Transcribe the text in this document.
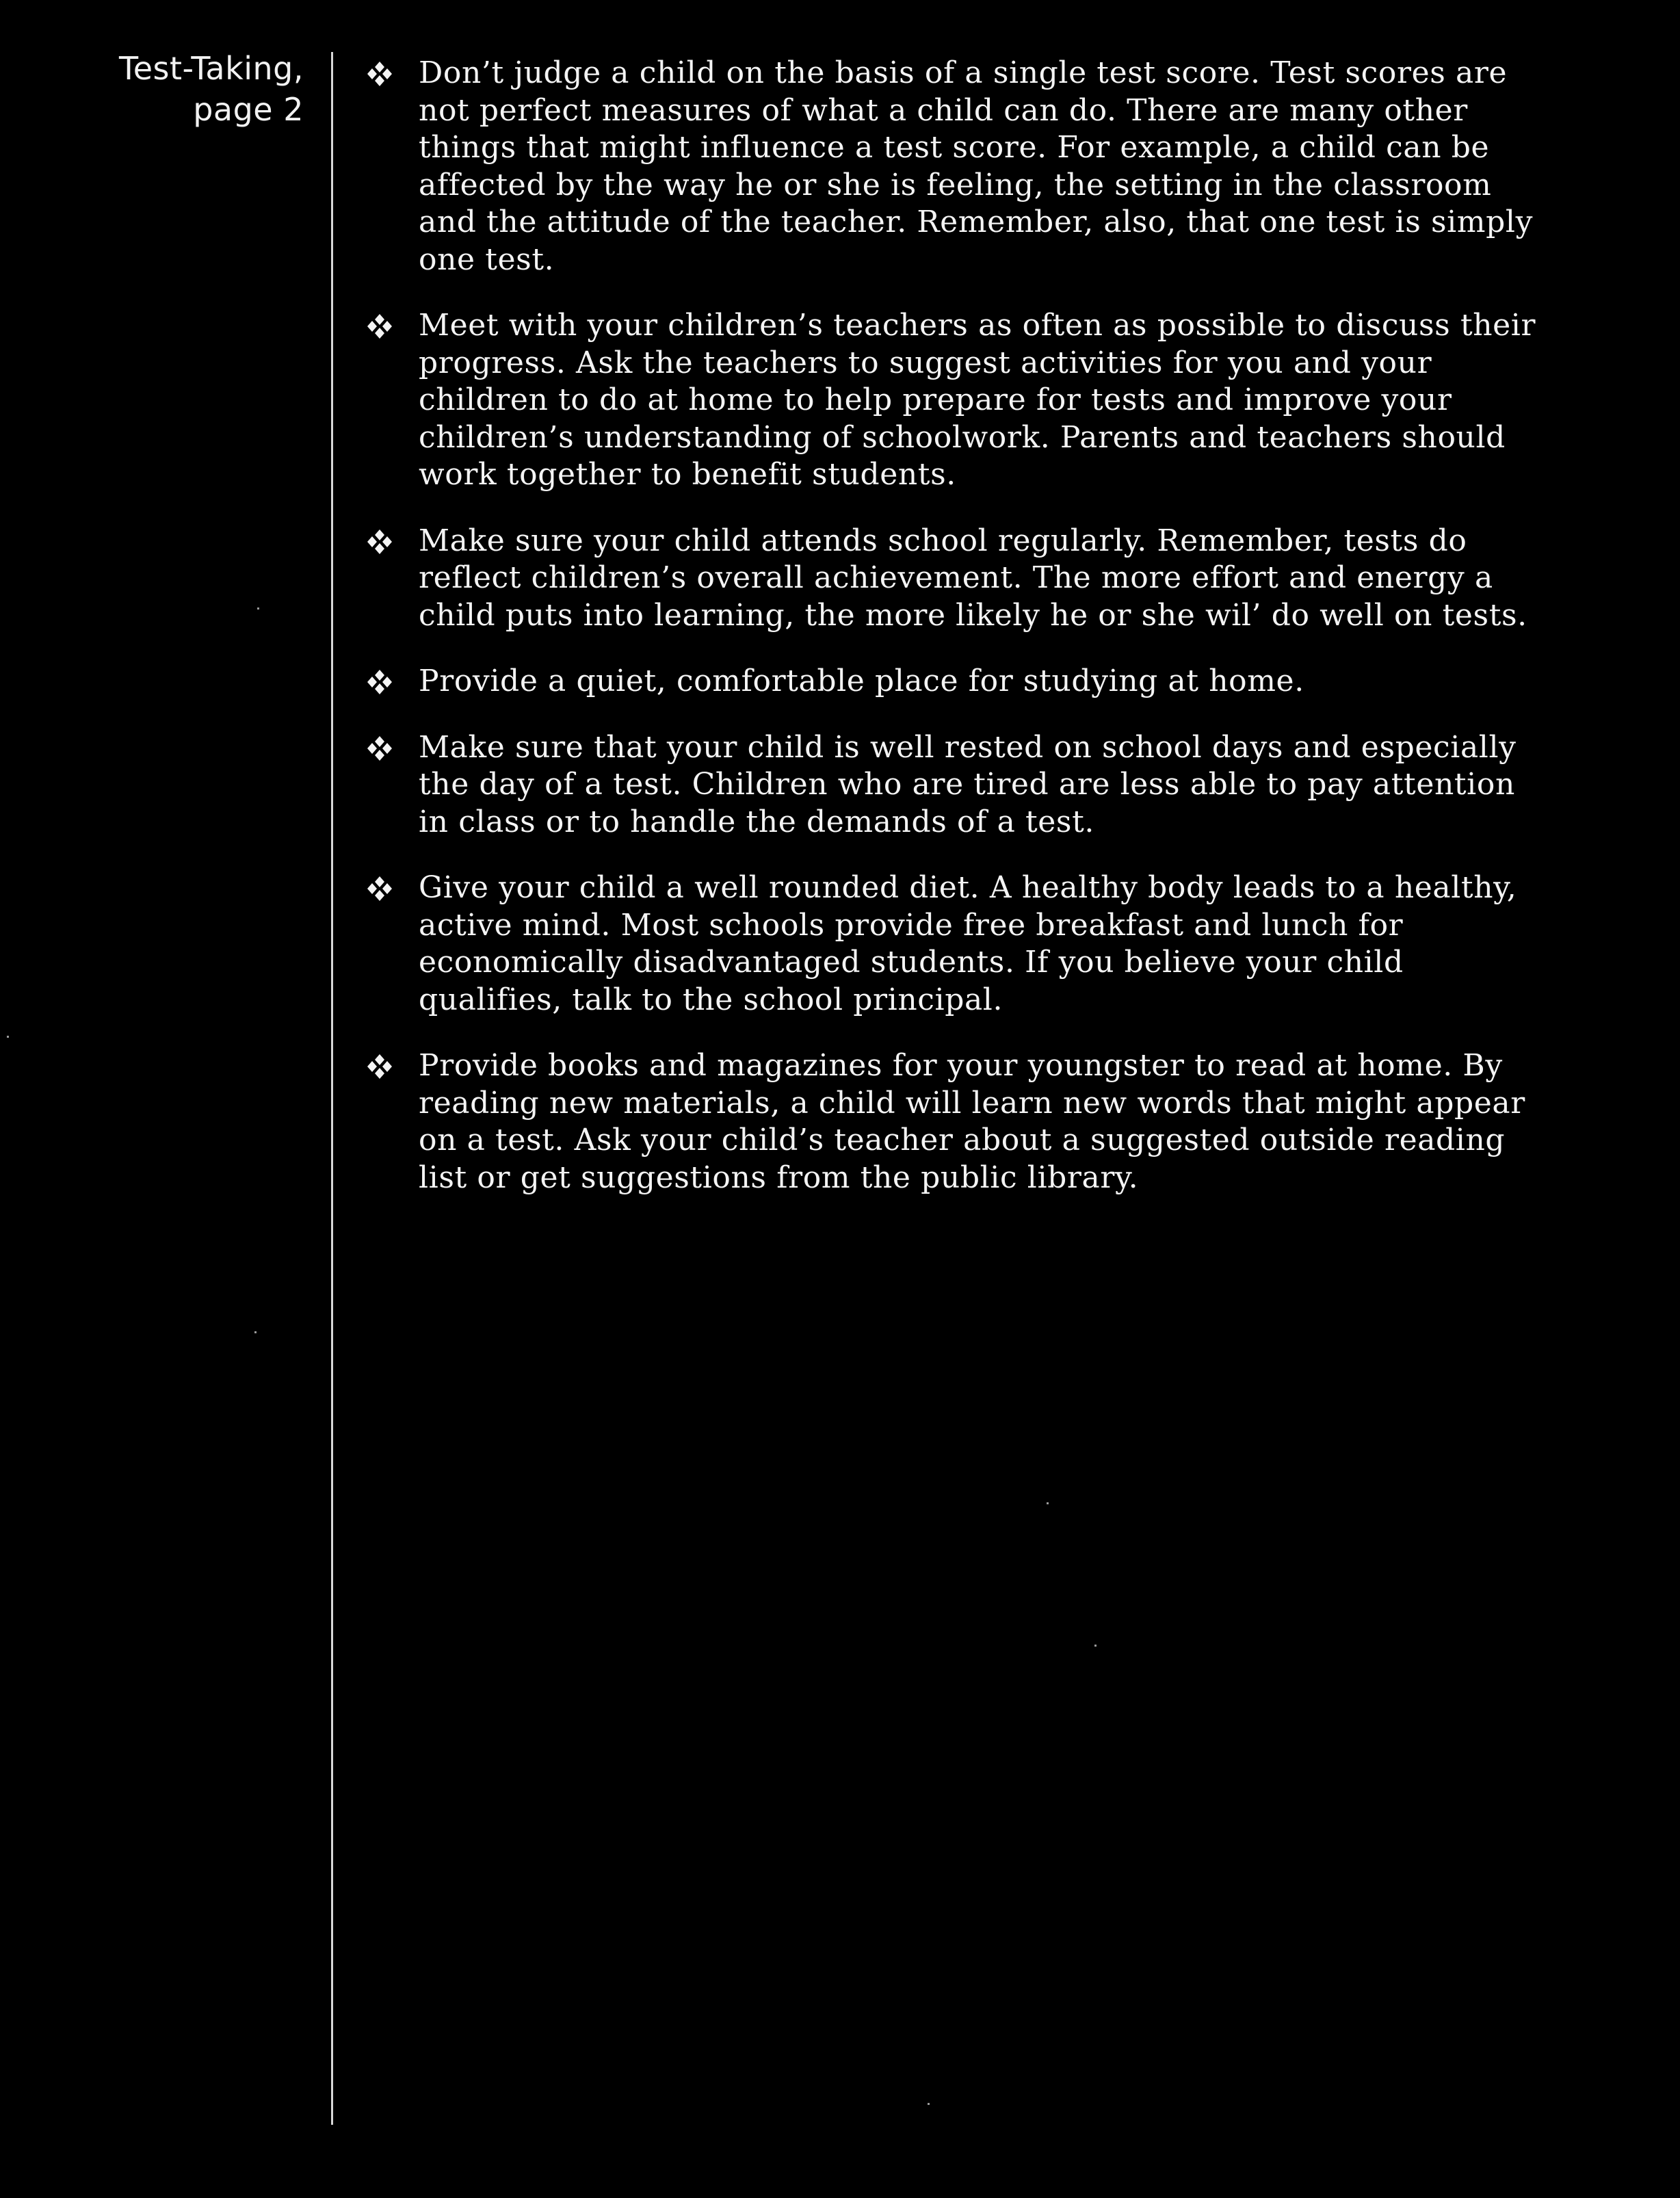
Test-Taking,
page 2
Don’t judge a child on the basis of a single test score. Test scores are not perfect measures of what a child can do. There are many other things that might influence a test score. For example, a child can be affected by the way he or she is feeling, the setting in the classroom and the attitude of the teacher. Remember, also, that one test is simply one test.
Meet with your children’s teachers as often as possible to discuss their progress. Ask the teachers to suggest activities for you and your children to do at home to help prepare for tests and improve your children’s understanding of schoolwork. Parents and teachers should work together to benefit students.
Make sure your child attends school regularly. Remember, tests do reflect children’s overall achievement. The more effort and energy a child puts into learning, the more likely he or she wil’ do well on tests.
Provide a quiet, comfortable place for studying at home.
Make sure that your child is well rested on school days and especially the day of a test. Children who are tired are less able to pay attention in class or to handle the demands of a test.
Give your child a well rounded diet. A healthy body leads to a healthy, active mind. Most schools provide free breakfast and lunch for economically disadvantaged students. If you believe your child qualifies, talk to the school principal.
Provide books and magazines for your youngster to read at home. By reading new materials, a child will learn new words that might appear on a test. Ask your child’s teacher about a suggested outside reading list or get suggestions from the public library.
